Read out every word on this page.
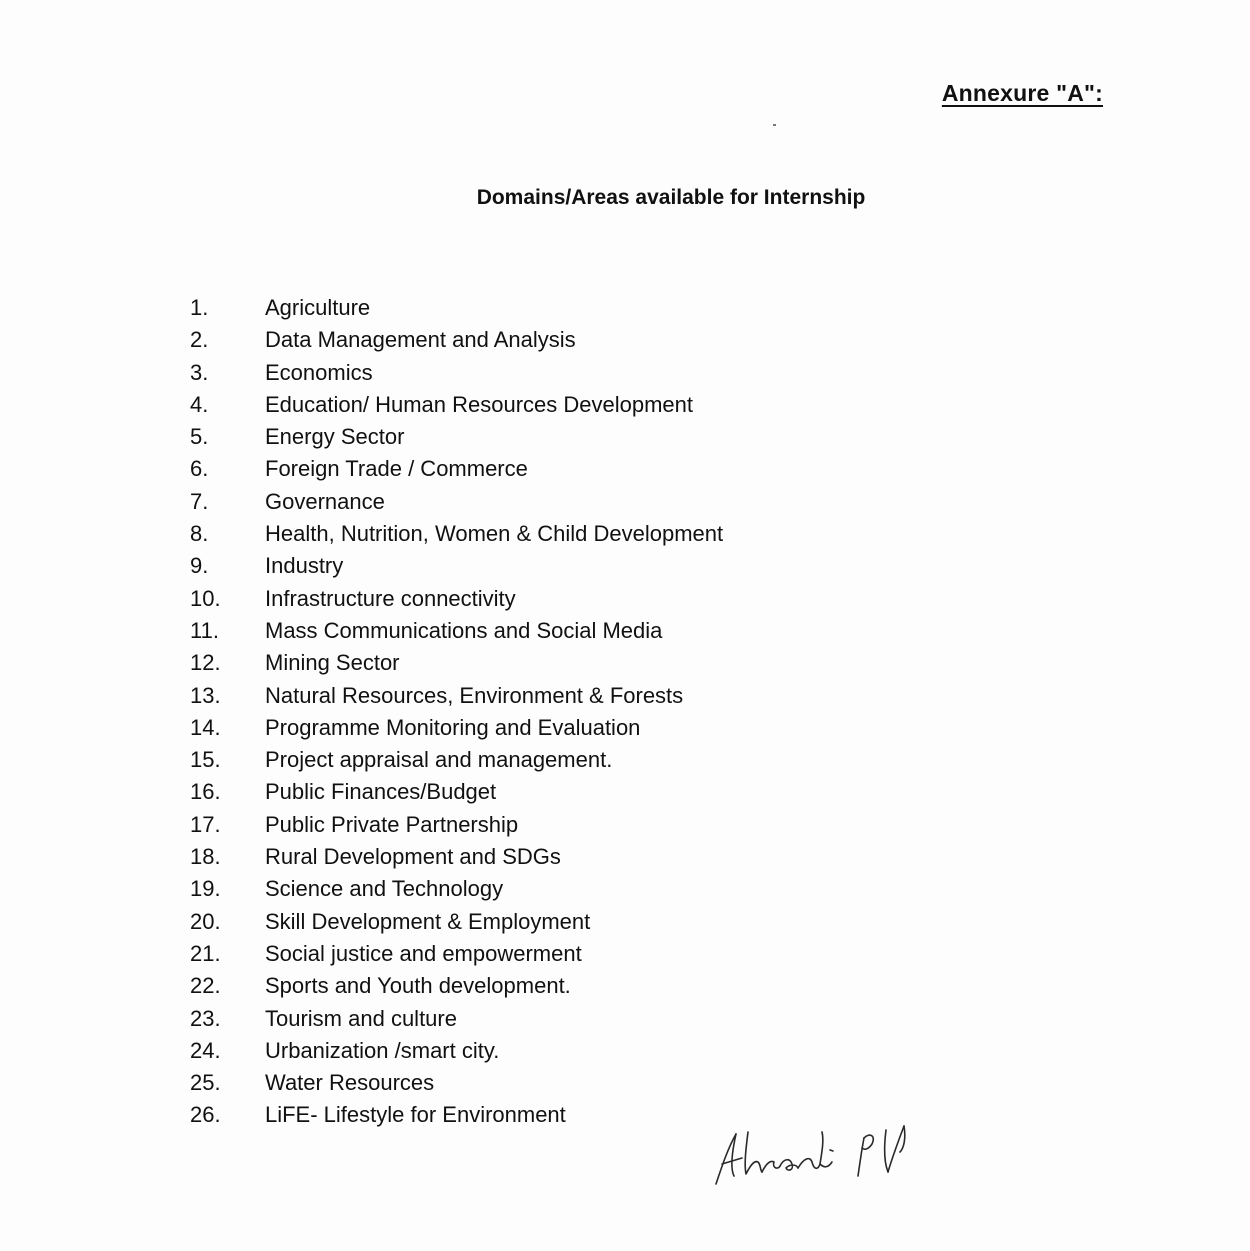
Annexure "A":
Domains/Areas available for Internship
1.	Agriculture
2.	Data Management and Analysis
3.	Economics
4.	Education/ Human Resources Development
5.	Energy Sector
6.	Foreign Trade / Commerce
7.	Governance
8.	Health, Nutrition, Women & Child Development
9.	Industry
10. Infrastructure connectivity
11. Mass Communications and Social Media
12. Mining Sector
13. Natural Resources, Environment & Forests
14. Programme Monitoring and Evaluation
15. Project appraisal and management.
16. Public Finances/Budget
17. Public Private Partnership
18. Rural Development and SDGs
19. Science and Technology
20. Skill Development & Employment
21. Social justice and empowerment
22. Sports and Youth development.
23. Tourism and culture
24. Urbanization /smart city.
25. Water Resources
26. LiFE- Lifestyle for Environment
